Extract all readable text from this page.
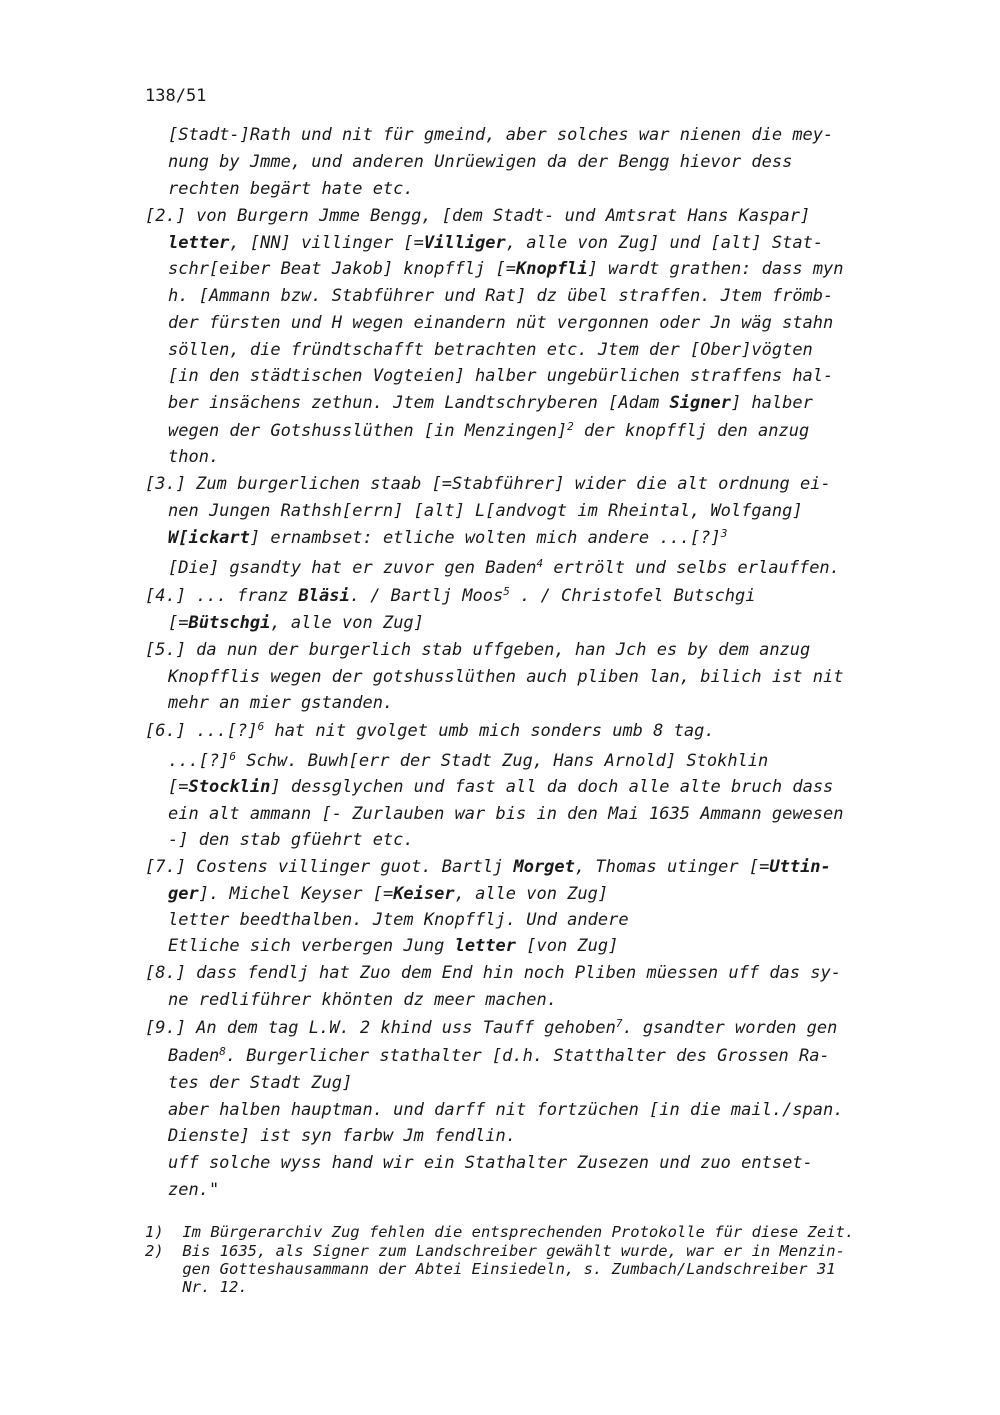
138/51
[Stadt-]Rath und nit für gmeind, aber solches war nienen die mey-
nung by Jmme, und anderen Unrüewigen da der Bengg hievor dess
rechten begärt hate etc.
[2.] von Burgern Jmme Bengg, [dem Stadt- und Amtsrat Hans Kaspar]
letter, [NN] villinger [=Villiger, alle von Zug] und [alt] Stat-
schr[eiber Beat Jakob] knopfflj [=Knopfli] wardt grathen: dass myn
h. [Ammann bzw. Stabführer und Rat] dz übel straffen. Jtem frömb-
der fürsten und H wegen einandern nüt vergonnen oder Jn wäg stahn
söllen, die fründtschafft betrachten etc. Jtem der [Ober]vögten
[in den städtischen Vogteien] halber ungebürlichen straffens hal-
ber insächens zethun. Jtem Landtschryberen [Adam Signer] halber
wegen der Gotshusslüthen [in Menzingen]$^2$ der knopfflj den anzug
thon.
[3.] Zum burgerlichen staab [=Stabführer] wider die alt ordnung ei-
nen Jungen Rathsh[errn] [alt] L[andvogt im Rheintal, Wolfgang]
W[ickart] ernambset: etliche wolten mich andere ...[?]$^3$
[Die] gsandty hat er zuvor gen Baden$^4$ ertrölt und selbs erlauffen.
[4.] ... franz Bläsi. / Bartlj Moos$^5$ . / Christofel Butschgi
[=Bütschgi, alle von Zug]
[5.] da nun der burgerlich stab uffgeben, han Jch es by dem anzug
Knopfflis wegen der gotshusslüthen auch pliben lan, bilich ist nit
mehr an mier gstanden.
[6.] ...[?]$^6$ hat nit gvolget umb mich sonders umb 8 tag.
...[?]$^6$ Schw. Buwh[err der Stadt Zug, Hans Arnold] Stokhlin
[=Stocklin] dessglychen und fast all da doch alle alte bruch dass
ein alt ammann [- Zurlauben war bis in den Mai 1635 Ammann gewesen
-] den stab gfüehrt etc.
[7.] Costens villinger guot. Bartlj Morget, Thomas utinger [=Uttin-
ger]. Michel Keyser [=Keiser, alle von Zug]
letter beedthalben. Jtem Knopfflj. Und andere
Etliche sich verbergen Jung letter [von Zug]
[8.] dass fendlj hat Zuo dem End hin noch Pliben müessen uff das sy-
ne redliführer khönten dz meer machen.
[9.] An dem tag L.W. 2 khind uss Tauff gehoben$^7$. gsandter worden gen
Baden$^8$. Burgerlicher stathalter [d.h. Statthalter des Grossen Ra-
tes der Stadt Zug]
aber halben hauptman. und darff nit fortzüchen [in die mail./span.
Dienste] ist syn farbw Jm fendlin.
uff solche wyss hand wir ein Stathalter Zusezen und zuo entset-
zen."
1)  Im Bürgerarchiv Zug fehlen die entsprechenden Protokolle für diese Zeit.
2)  Bis 1635, als Signer zum Landschreiber gewählt wurde, war er in Menzin-
gen Gotteshausammann der Abtei Einsiedeln, s. Zumbach/Landschreiber 31
Nr. 12.
